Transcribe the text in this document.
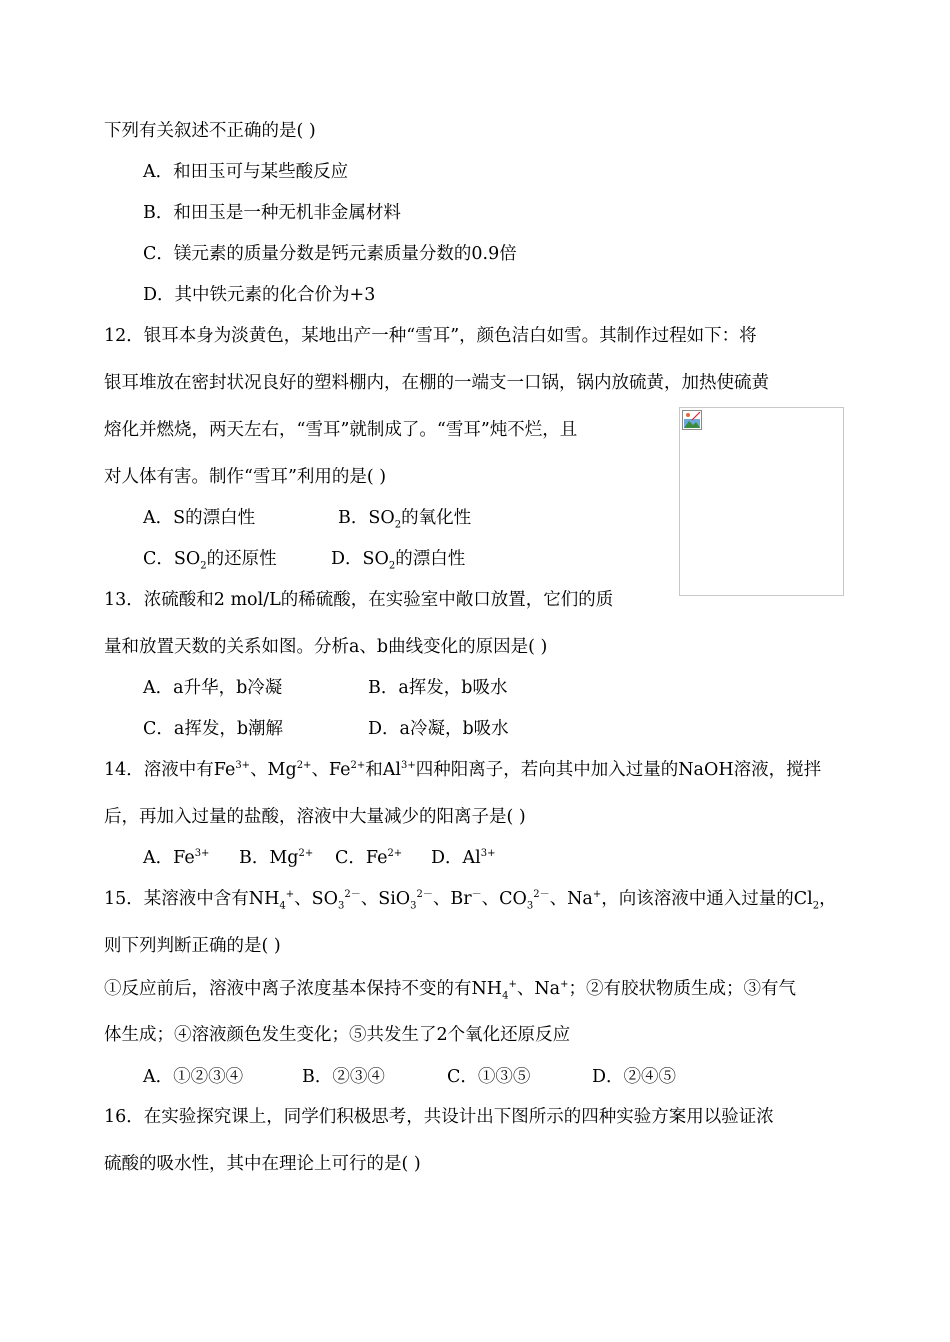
下列有关叙述不正确的是( )
A．和田玉可与某些酸反应
B．和田玉是一种无机非金属材料
C．镁元素的质量分数是钙元素质量分数的0.9倍
D．其中铁元素的化合价为+3
12．银耳本身为淡黄色，某地出产一种“雪耳”，颜色洁白如雪。其制作过程如下：将
银耳堆放在密封状况良好的塑料棚内，在棚的一端支一口锅，锅内放硫黄，加热使硫黄
熔化并燃烧，两天左右，“雪耳”就制成了。“雪耳”炖不烂，且
对人体有害。制作“雪耳”利用的是( )
A．S的漂白性	B．$SO_2$的氧化性
C．$SO_2$的还原性	D．$SO_2$的漂白性
13．浓硫酸和2 mol/L的稀硫酸，在实验室中敞口放置，它们的质
量和放置天数的关系如图。分析a、b曲线变化的原因是( )
A．a升华，b冷凝	B．a挥发，b吸水
C．a挥发，b潮解	D．a冷凝，b吸水
14．溶液中有$Fe^{3+}$、$Mg^{2+}$、$Fe^{2+}$和$Al^{3+}$四种阳离子，若向其中加入过量的NaOH溶液，搅拌
后，再加入过量的盐酸，溶液中大量减少的阳离子是( )
A．$Fe^{3+}$ B．$Mg^{2+}$ C．$Fe^{2+}$ D．$Al^{3+}$
15．某溶液中含有$NH_4^+$、$SO_3^{2-}$、SiO$_3^{2-}$、Br－、$CO_3^{2-}$、Na+，向该溶液中通入过量的$Cl_2$，
则下列判断正确的是( )
①反应前后，溶液中离子浓度基本保持不变的有$NH_4^+$、Na+；②有胶状物质生成；③有气
体生成；④溶液颜色发生变化；⑤共发生了2个氧化还原反应
A．①②③④	B．②③④	C．①③⑤	D．②④⑤
16．在实验探究课上，同学们积极思考，共设计出下图所示的四种实验方案用以验证浓
硫酸的吸水性，其中在理论上可行的是( )
